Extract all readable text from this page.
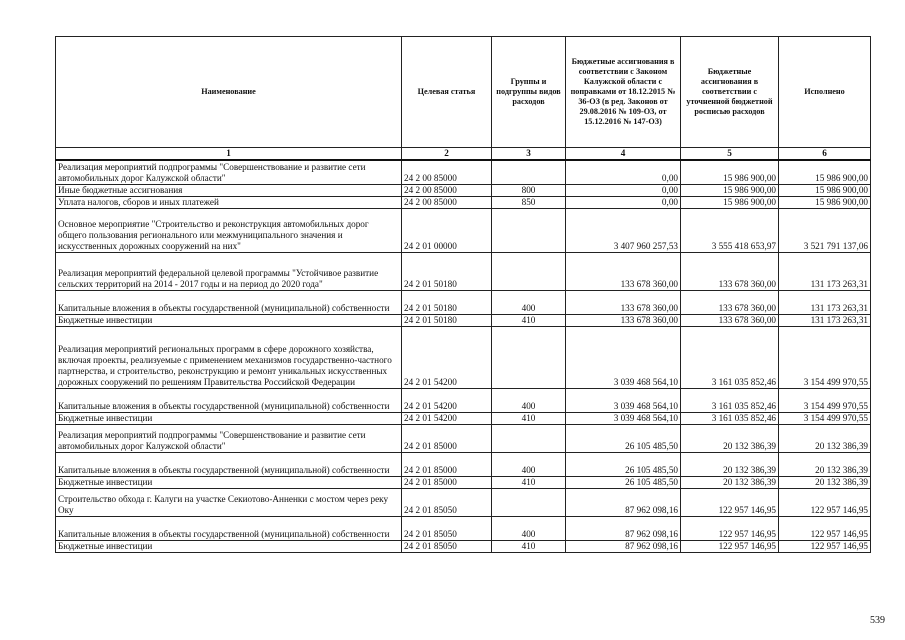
Наименование	Целевая статья	Группы и подгруппы видов расходов	Бюджетные ассигнования в соответствии с Законом Калужской области с поправками от 18.12.2015 № 36-ОЗ (в ред. Законов от 29.08.2016 № 109-ОЗ, от 15.12.2016 № 147-ОЗ)	Бюджетные ассигнования в соответствии с уточненной бюджетной росписью расходов	Исполнено
1	2	3	4	5	6
Реализация мероприятий подпрограммы "Совершенствование и развитие сети автомобильных дорог Калужской области"	24 2 00 85000		0,00	15 986 900,00	15 986 900,00
Иные бюджетные ассигнования	24 2 00 85000	800	0,00	15 986 900,00	15 986 900,00
Уплата налогов, сборов и иных платежей	24 2 00 85000	850	0,00	15 986 900,00	15 986 900,00
Основное мероприятие "Строительство и реконструкция автомобильных дорог общего пользования регионального или межмуниципального значения и искусственных дорожных сооружений на них"	24 2 01 00000		3 407 960 257,53	3 555 418 653,97	3 521 791 137,06
Реализация мероприятий федеральной целевой программы "Устойчивое развитие сельских территорий на 2014 - 2017 годы и на период до 2020 года"	24 2 01 50180		133 678 360,00	133 678 360,00	131 173 263,31
Капитальные вложения в объекты государственной (муниципальной) собственности	24 2 01 50180	400	133 678 360,00	133 678 360,00	131 173 263,31
Бюджетные инвестиции	24 2 01 50180	410	133 678 360,00	133 678 360,00	131 173 263,31
Реализация мероприятий региональных программ в сфере дорожного хозяйства, включая проекты, реализуемые с применением механизмов государственно-частного партнерства, и строительство, реконструкцию и ремонт уникальных искусственных дорожных сооружений по решениям Правительства Российской Федерации	24 2 01 54200		3 039 468 564,10	3 161 035 852,46	3 154 499 970,55
Капитальные вложения в объекты государственной (муниципальной) собственности	24 2 01 54200	400	3 039 468 564,10	3 161 035 852,46	3 154 499 970,55
Бюджетные инвестиции	24 2 01 54200	410	3 039 468 564,10	3 161 035 852,46	3 154 499 970,55
Реализация мероприятий подпрограммы "Совершенствование и развитие сети автомобильных дорог Калужской области"	24 2 01 85000		26 105 485,50	20 132 386,39	20 132 386,39
Капитальные вложения в объекты государственной (муниципальной) собственности	24 2 01 85000	400	26 105 485,50	20 132 386,39	20 132 386,39
Бюджетные инвестиции	24 2 01 85000	410	26 105 485,50	20 132 386,39	20 132 386,39
Строительство обхода г. Калуги на участке Секиотово-Анненки с мостом через реку Оку	24 2 01 85050		87 962 098,16	122 957 146,95	122 957 146,95
Капитальные вложения в объекты государственной (муниципальной) собственности	24 2 01 85050	400	87 962 098,16	122 957 146,95	122 957 146,95
Бюджетные инвестиции	24 2 01 85050	410	87 962 098,16	122 957 146,95	122 957 146,95
539
